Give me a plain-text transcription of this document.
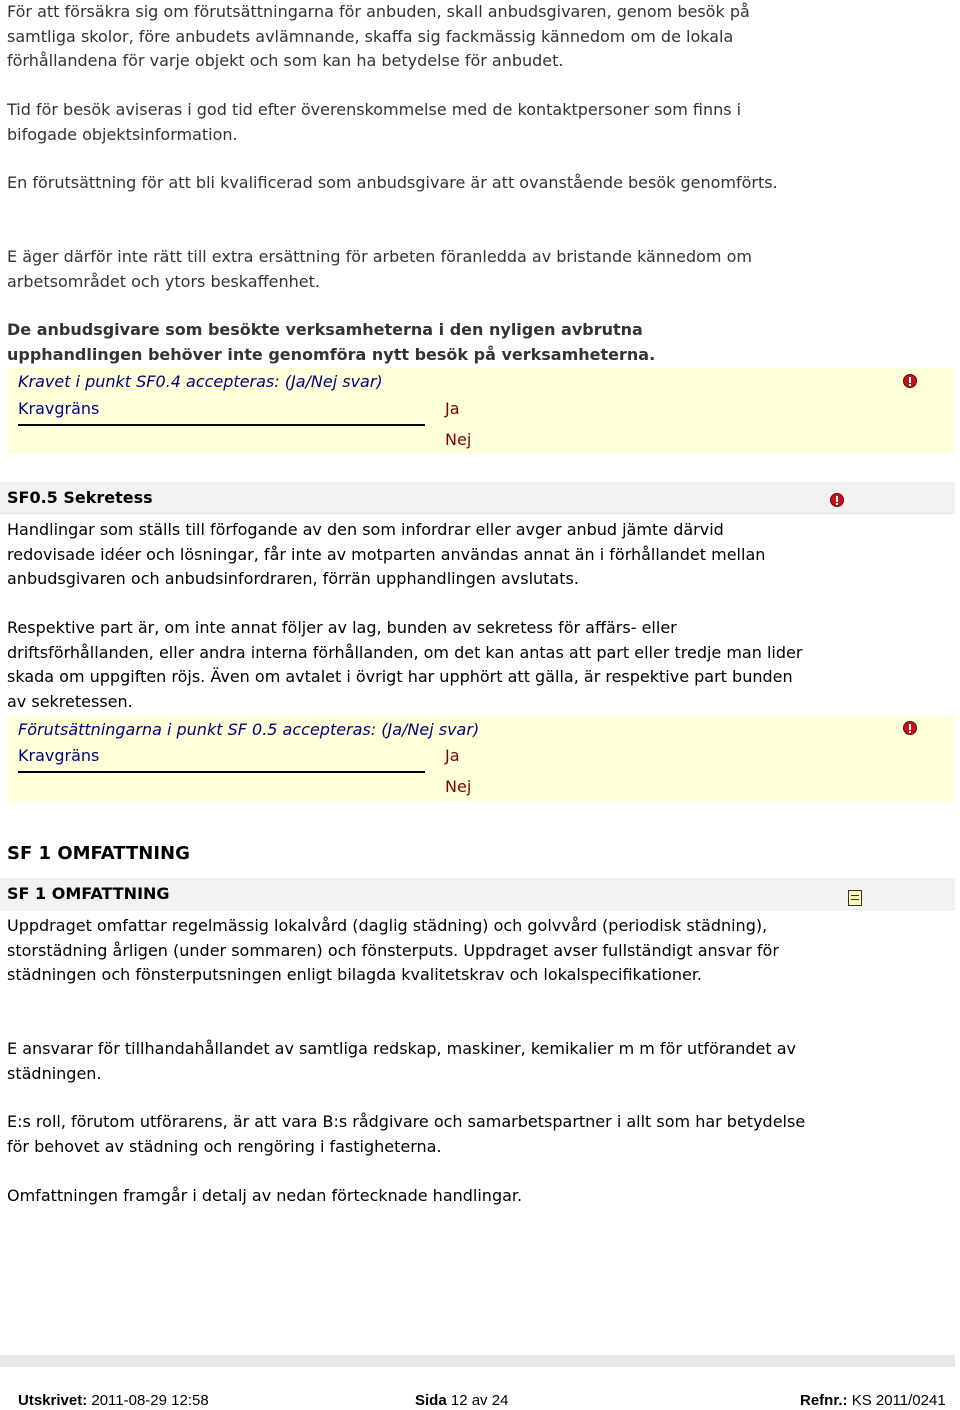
För att försäkra sig om förutsättningarna för anbuden, skall anbudsgivaren, genom besök på samtliga skolor, före anbudets avlämnande, skaffa sig fackmässig kännedom om de lokala förhållandena för varje objekt och som kan ha betydelse för anbudet.

Tid för besök aviseras i god tid efter överenskommelse med de kontaktpersoner som finns i bifogade objektsinformation.

En förutsättning för att bli kvalificerad som anbudsgivare är att ovanstående besök genomförts.

E äger därför inte rätt till extra ersättning för arbeten föranledda av bristande kännedom om arbetsområdet och ytors beskaffenhet.

De anbudsgivare som besökte verksamheterna i den nyligen avbrutna upphandlingen behöver inte genomföra nytt besök på verksamheterna.

Kravet i punkt SF0.4 accepteras: (Ja/Nej svar)
Kravgräns	Ja
Nej
SF0.5 Sekretess

Handlingar som ställs till förfogande av den som infordrar eller avger anbud jämte därvid redovisade idéer och lösningar, får inte av motparten användas annat än i förhållandet mellan anbudsgivaren och anbudsinfordraren, förrän upphandlingen avslutats.

Respektive part är, om inte annat följer av lag, bunden av sekretess för affärs- eller driftsförhållanden, eller andra interna förhållanden, om det kan antas att part eller tredje man lider skada om uppgiften röjs. Även om avtalet i övrigt har upphört att gälla, är respektive part bunden av sekretessen.

Förutsättningarna i punkt SF 0.5 accepteras: (Ja/Nej svar)
Kravgräns	Ja
Nej
SF 1 OMFATTNING
SF 1 OMFATTNING

Uppdraget omfattar regelmässig lokalvård (daglig städning) och golvvård (periodisk städning), storstädning årligen (under sommaren) och fönsterputs. Uppdraget avser fullständigt ansvar för städningen och fönsterputsningen enligt bilagda kvalitetskrav och lokalspecifikationer.

E ansvarar för tillhandahållandet av samtliga redskap, maskiner, kemikalier m m för utförandet av städningen.

E:s roll, förutom utförarens, är att vara B:s rådgivare och samarbetspartner i allt som har betydelse för behovet av städning och rengöring i fastigheterna.

Omfattningen framgår i detalj av nedan förtecknade handlingar.

Utskrivet: 2011-08-29 12:58	Sida 12 av 24	Refnr.: KS 2011/0241
